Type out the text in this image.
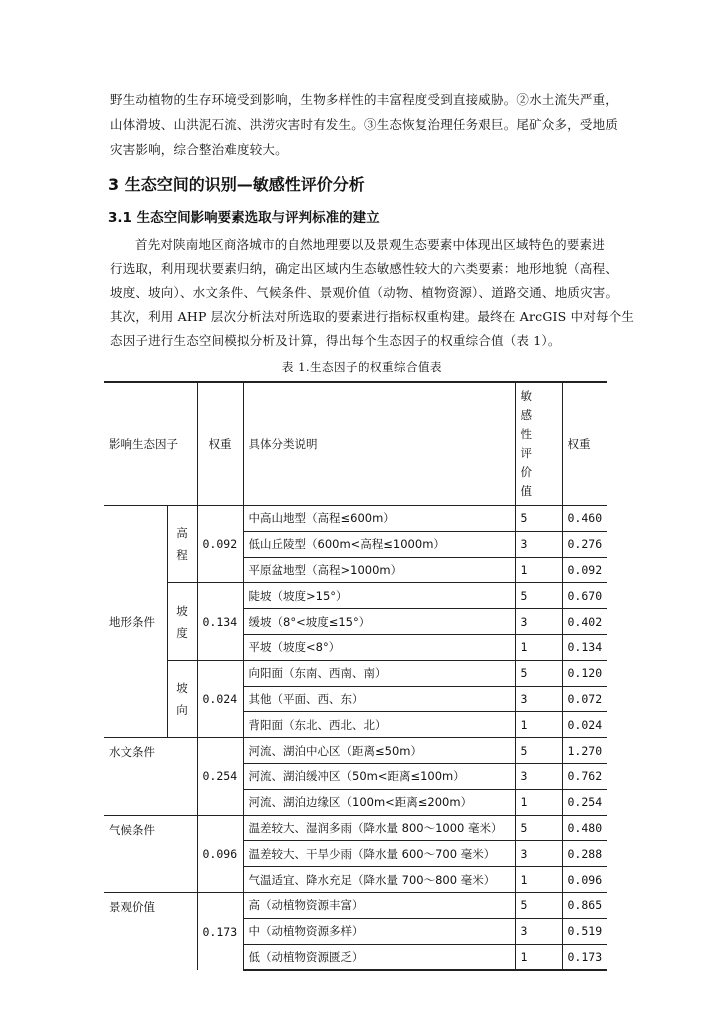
野生动植物的生存环境受到影响，生物多样性的丰富程度受到直接威胁。②水土流失严重，
山体滑坡、山洪泥石流、洪涝灾害时有发生。③生态恢复治理任务艰巨。尾矿众多，受地质
灾害影响，综合整治难度较大。
3 生态空间的识别—敏感性评价分析
3.1 生态空间影响要素选取与评判标准的建立
首先对陕南地区商洛城市的自然地理要以及景观生态要素中体现出区域特色的要素进
行选取，利用现状要素归纳，确定出区域内生态敏感性较大的六类要素：地形地貌（高程、
坡度、坡向）、水文条件、气候条件、景观价值（动物、植物资源）、道路交通、地质灾害。
其次，利用 AHP 层次分析法对所选取的要素进行指标权重构建。最终在 ArcGIS 中对每个生
态因子进行生态空间模拟分析及计算，得出每个生态因子的权重综合值（表 1）。
表 1.生态因子的权重综合值表
影响生态因子		权重	具体分类说明	敏感性评价值	权重
地形条件	高程	0.092	中高山地型（高程≤600m）	5	0.460
			低山丘陵型（600m<高程≤1000m）	3	0.276
			平原盆地型（高程>1000m）	1	0.092
	坡度	0.134	陡坡（坡度>15°）	5	0.670
			缓坡（8°<坡度≤15°）	3	0.402
			平坡（坡度<8°）	1	0.134
	坡向	0.024	向阳面（东南、西南、南）	5	0.120
			其他（平面、西、东）	3	0.072
			背阳面（东北、西北、北）	1	0.024
水文条件		0.254	河流、湖泊中心区（距离≤50m）	5	1.270
			河流、湖泊缓冲区（50m<距离≤100m）	3	0.762
			河流、湖泊边缘区（100m<距离≤200m）	1	0.254
气候条件		0.096	温差较大、湿润多雨（降水量 800～1000 毫米）	5	0.480
			温差较大、干旱少雨（降水量 600～700 毫米）	3	0.288
			气温适宜、降水充足（降水量 700～800 毫米）	1	0.096
景观价值		0.173	高（动植物资源丰富）	5	0.865
			中（动植物资源多样）	3	0.519
			低（动植物资源匮乏）	1	0.173
